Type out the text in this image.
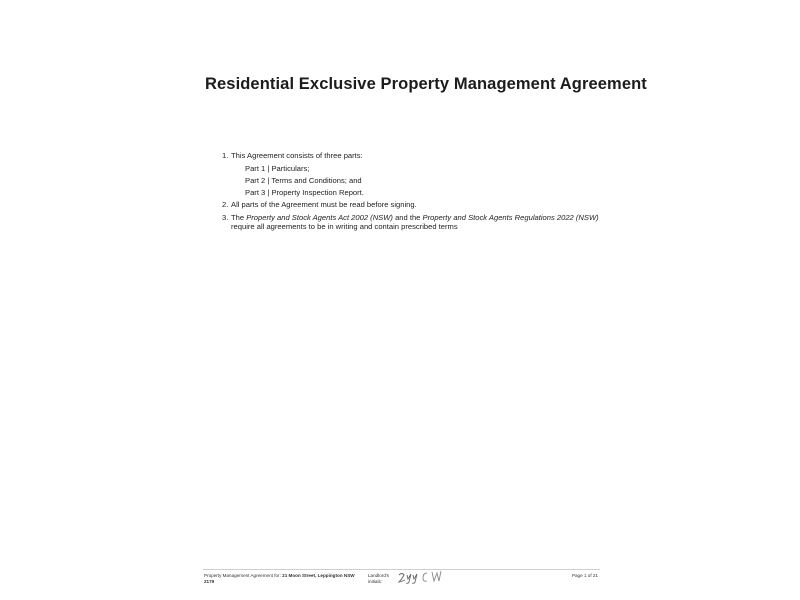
Residential Exclusive Property Management Agreement
1. This Agreement consists of three parts:
Part 1 | Particulars;
Part 2 | Terms and Conditions; and
Part 3 | Property Inspection Report.
2. All parts of the Agreement must be read before signing.
3. The Property and Stock Agents Act 2002 (NSW) and the Property and Stock Agents Regulations 2022 (NSW) require all agreements to be in writing and contain prescribed terms
Property Management Agreement for: 21 Moon Street, Leppington NSW 2179
Landlord's initials:
Page 1 of 21
